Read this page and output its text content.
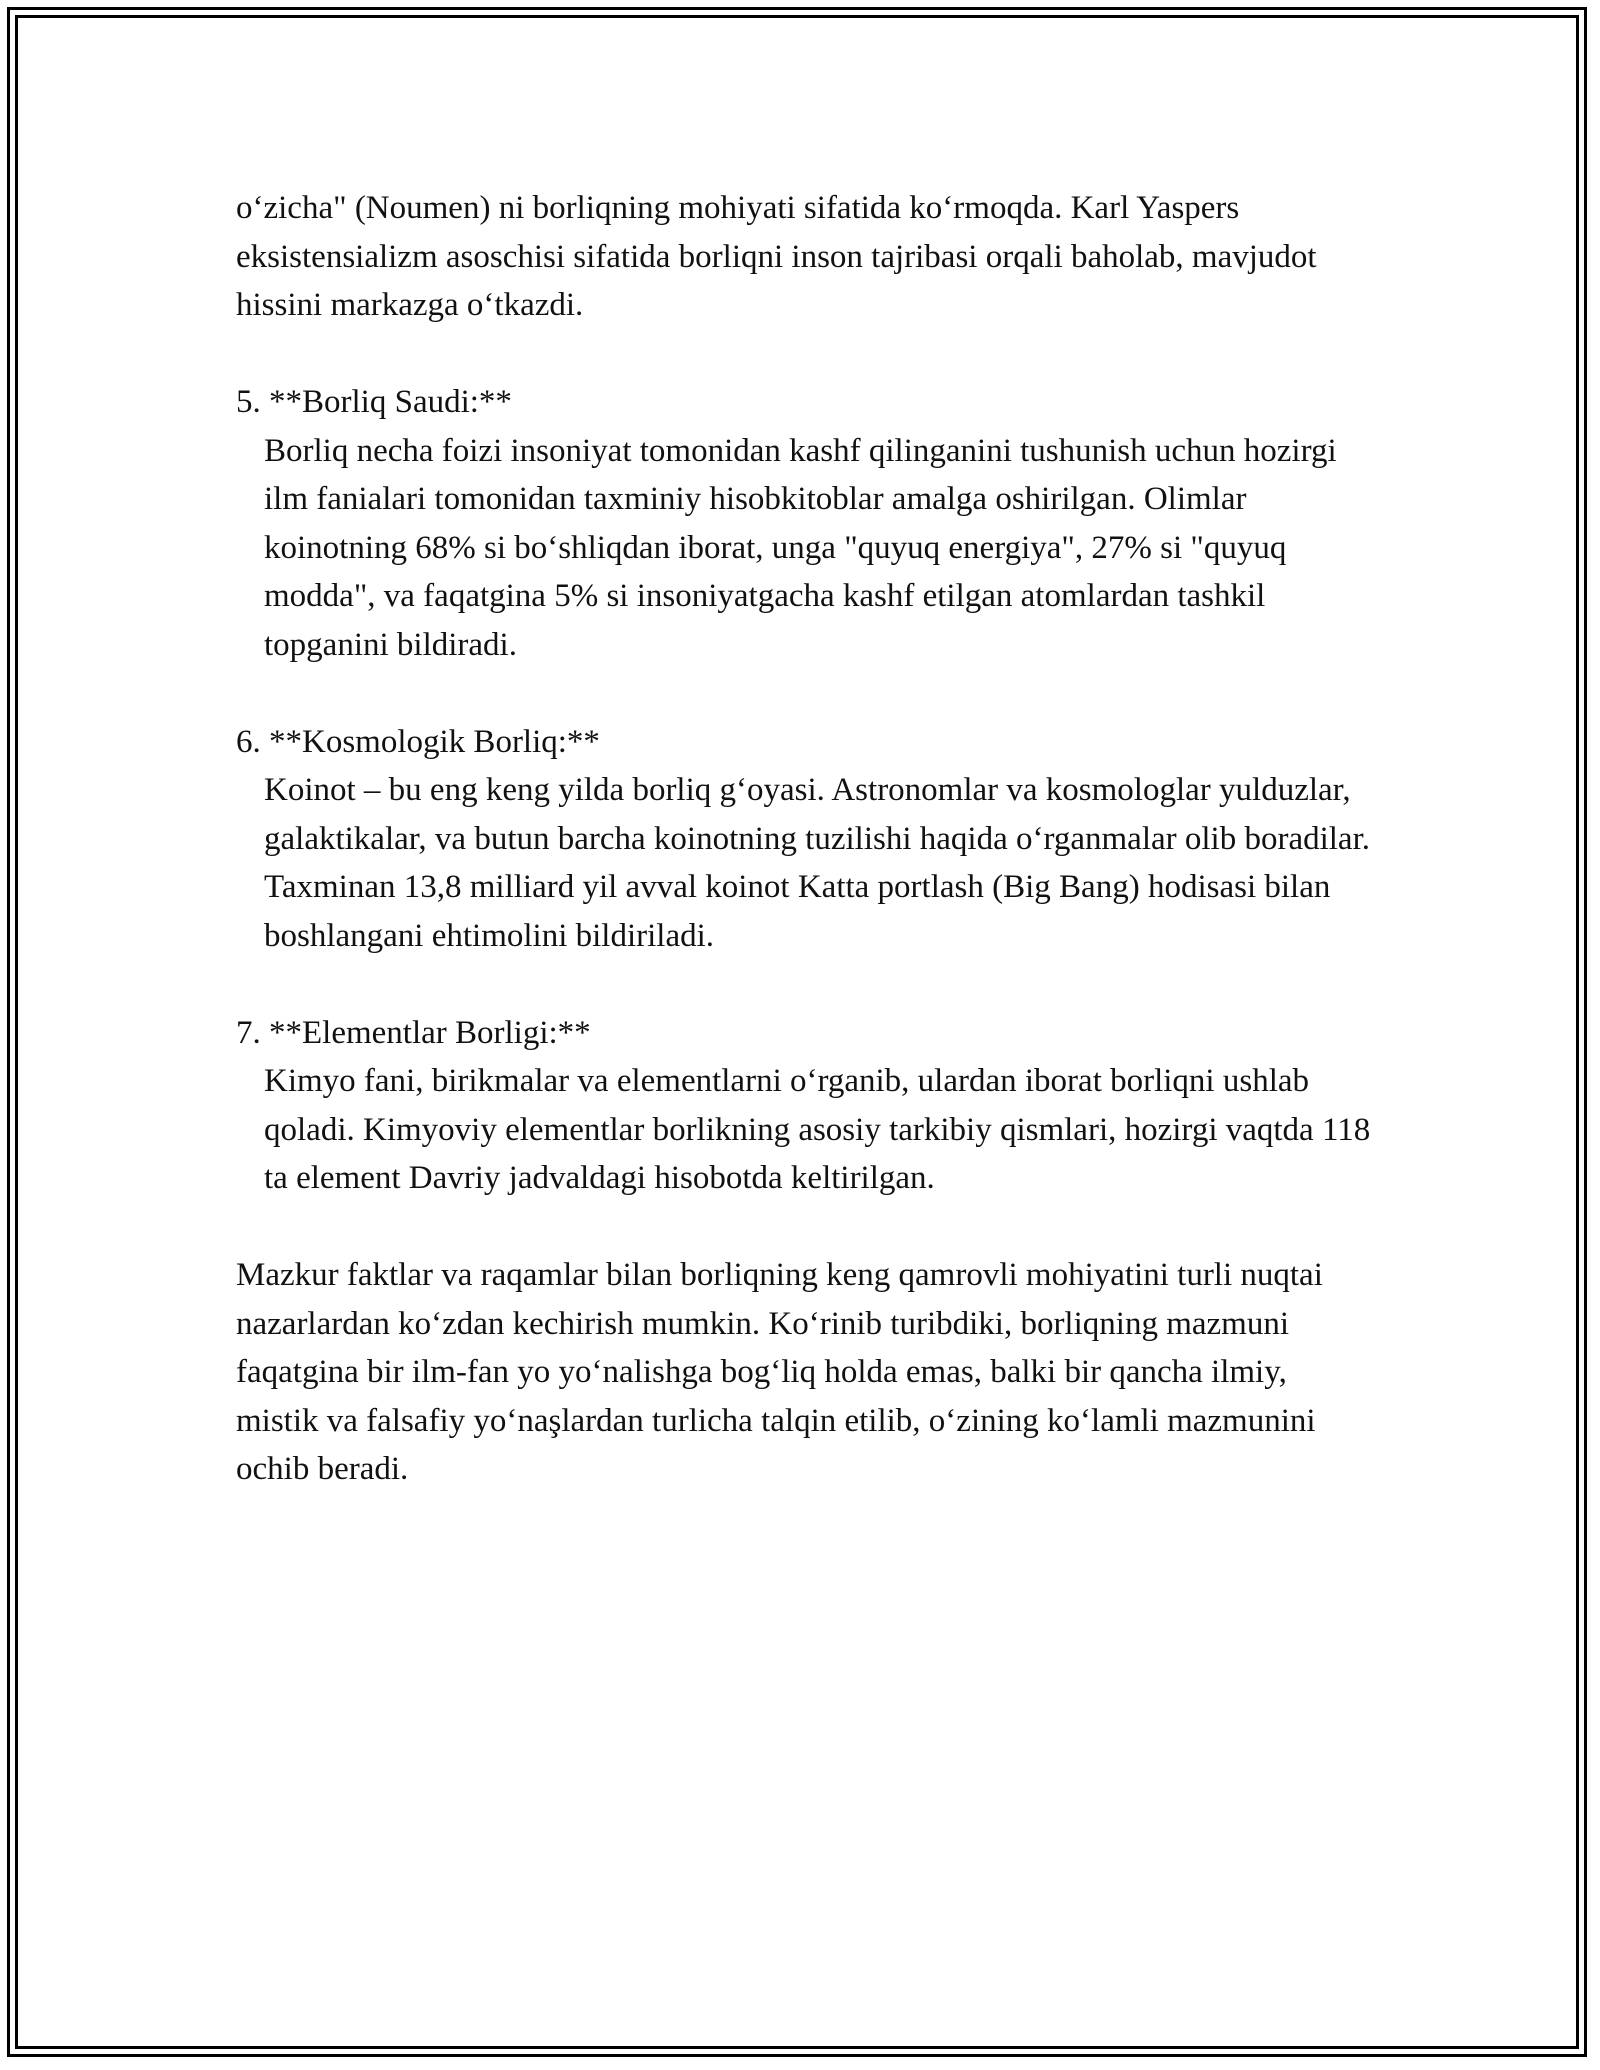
oʻzicha" (Noumen) ni borliqning mohiyati sifatida koʻrmoqda. Karl Yaspers eksistensializm asoschisi sifatida borliqni inson tajribasi orqali baholab, mavjudot hissini markazga oʻtkazdi.

5. **Borliq Saudi:**

Borliq necha foizi insoniyat tomonidan kashf qilinganini tushunish uchun hozirgi ilm fanialari tomonidan taxminiy hisobkitoblar amalga oshirilgan. Olimlar koinotning 68% si boʻshliqdan iborat, unga "quyuq energiya", 27% si "quyuq modda", va faqatgina 5% si insoniyatgacha kashf etilgan atomlardan tashkil topganini bildiradi.

6. **Kosmologik Borliq:**

Koinot – bu eng keng yilda borliq gʻoyasi. Astronomlar va kosmologlar yulduzlar, galaktikalar, va butun barcha koinotning tuzilishi haqida oʻrganmalar olib boradilar. Taxminan 13,8 milliard yil avval koinot Katta portlash (Big Bang) hodisasi bilan boshlangani ehtimolini bildiriladi.

7. **Elementlar Borligi:**

Kimyo fani, birikmalar va elementlarni oʻrganib, ulardan iborat borliqni ushlab qoladi. Kimyoviy elementlar borlikning asosiy tarkibiy qismlari, hozirgi vaqtda 118 ta element Davriy jadvaldagi hisobotda keltirilgan.

Mazkur faktlar va raqamlar bilan borliqning keng qamrovli mohiyatini turli nuqtai nazarlardan koʻzdan kechirish mumkin. Koʻrinib turibdiki, borliqning mazmuni faqatgina bir ilm-fan yo yoʻnalishga bogʻliq holda emas, balki bir qancha ilmiy, mistik va falsafiy yoʻnaşlardan turlicha talqin etilib, oʻzining koʻlamli mazmunini ochib beradi.
